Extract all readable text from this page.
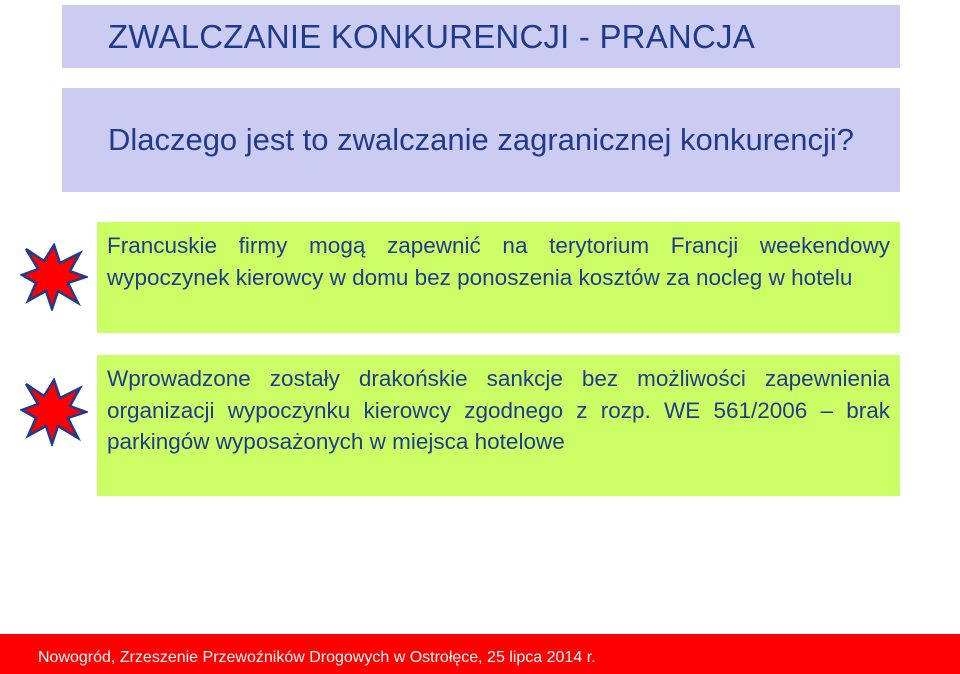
ZWALCZANIE KONKURENCJI - PRANCJA
Dlaczego jest to zwalczanie zagranicznej konkurencji?

Francuskie firmy mogą zapewnić na terytorium Francji weekendowy wypoczynek kierowcy w domu bez ponoszenia kosztów za nocleg w hotelu

Wprowadzone zostały drakońskie sankcje bez możliwości zapewnienia organizacji wypoczynku kierowcy zgodnego z rozp. WE 561/2006 – brak parkingów wyposażonych w miejsca hotelowe

Nowogród, Zrzeszenie Przewoźników Drogowych w Ostrołęce, 25 lipca 2014 r.
